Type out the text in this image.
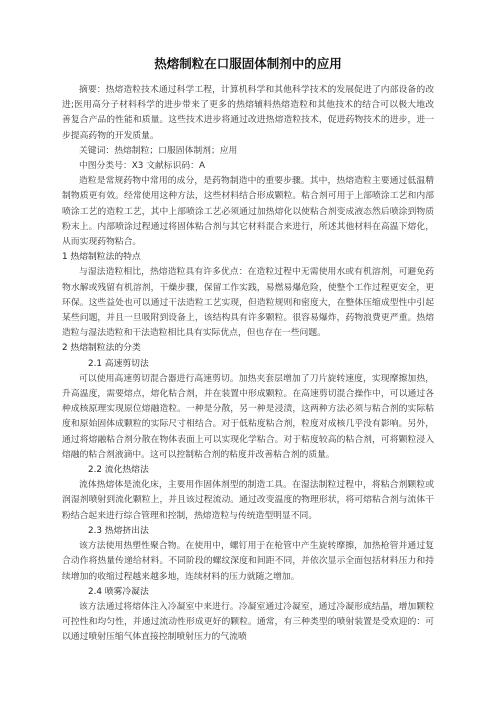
热熔制粒在口服固体制剂中的应用

摘要：热熔造粒技术通过科学工程，计算机科学和其他科学技术的发展促进了内部设备的改进;医用高分子材料科学的进步带来了更多的热熔辅料热熔造粒和其他技术的结合可以极大地改善复合产品的性能和质量。这些技术进步将通过改进热熔造粒技术，促进药物技术的进步，进一步提高药物的开发质量。

关键词：热熔制粒；口服固体制剂；应用

中图分类号：X3 文献标识码：A

造粒是常规药物中常用的成分，是药物制造中的重要步骤。其中，热熔造粒主要通过低温精制物质更有效。经常使用这种方法，这些材料结合形成颗粒。粘合剂可用于上部喷涂工艺和内部喷涂工艺的造粒工艺，其中上部喷涂工艺必须通过加热熔化以使粘合剂变成液态然后喷涂到物质粉末上。内部喷涂过程通过将固体粘合剂与其它材料混合来进行，所述其他材料在高温下熔化，从而实现药物粘合。

1 热熔制粒法的特点

与湿法造粒相比，热熔造粒具有许多优点：在造粒过程中无需使用水或有机溶剂，可避免药物水解或残留有机溶剂，干燥步骤，保留工作实践，易燃易爆危险，使整个工作过程更安全，更环保。这些益处也可以通过干法造粒工艺实现，但造粒规则和密度大，在整体压缩成型性中引起某些问题，并且一旦吸附到设备上，该结构具有许多颗粒。很容易爆炸，药物浪费更严重。热熔造粒与湿法造粒和干法造粒相比具有实际优点，但也存在一些问题。

2 热熔制粒法的分类

2.1 高速剪切法

可以使用高速剪切混合器进行高速剪切。加热夹套层增加了刀片旋转速度，实现摩擦加热，升高温度，需要熔点，熔化粘合剂，并在装置中形成颗粒。在高速剪切混合操作中，可以通过各种成核原理实现原位熔融造粒。一种是分散，另一种是浸渍，这两种方法必须与粘合剂的实际粘度和原始固体成颗粒的实际尺寸相结合。对于低粘度粘合剂，粒度对成核几乎没有影响。另外，通过将熔融粘合剂分散在物体表面上可以实现化学粘合。对于粘度较高的粘合剂，可将颗粒浸入熔融的粘合剂液滴中。这可以控制粘合剂的粘度并改善粘合剂的质量。

2.2 流化热熔法

流体热熔体是流化床，主要用作固体剂型的制造工具。在湿法制粒过程中，将粘合剂颗粒或润湿剂喷射到流化颗粒上，并且该过程流动。通过改变温度的物理形状，将可熔粘合剂与流体干粉结合起来进行综合管理和控制，热熔造粒与传统造型明显不同。

2.3 热熔挤出法

该方法使用热塑性聚合物。在使用中，螺钉用于在枪管中产生旋转摩擦，加热枪管并通过复合动作将热量传递给材料。不同阶段的螺纹深度和间距不同，并依次显示全面包括材料压力和持续增加的收缩过程越来越多地，连续材料的压力就随之增加。

2.4 喷雾冷凝法

该方法通过将熔体注入冷凝室中来进行。冷凝室通过冷凝室，通过冷凝形成结晶，增加颗粒可控性和均匀性，并通过流动性形成更好的颗粒。通常，有三种类型的喷射装置是受欢迎的：可以通过喷射压缩气体直接控制喷射压力的气流喷
